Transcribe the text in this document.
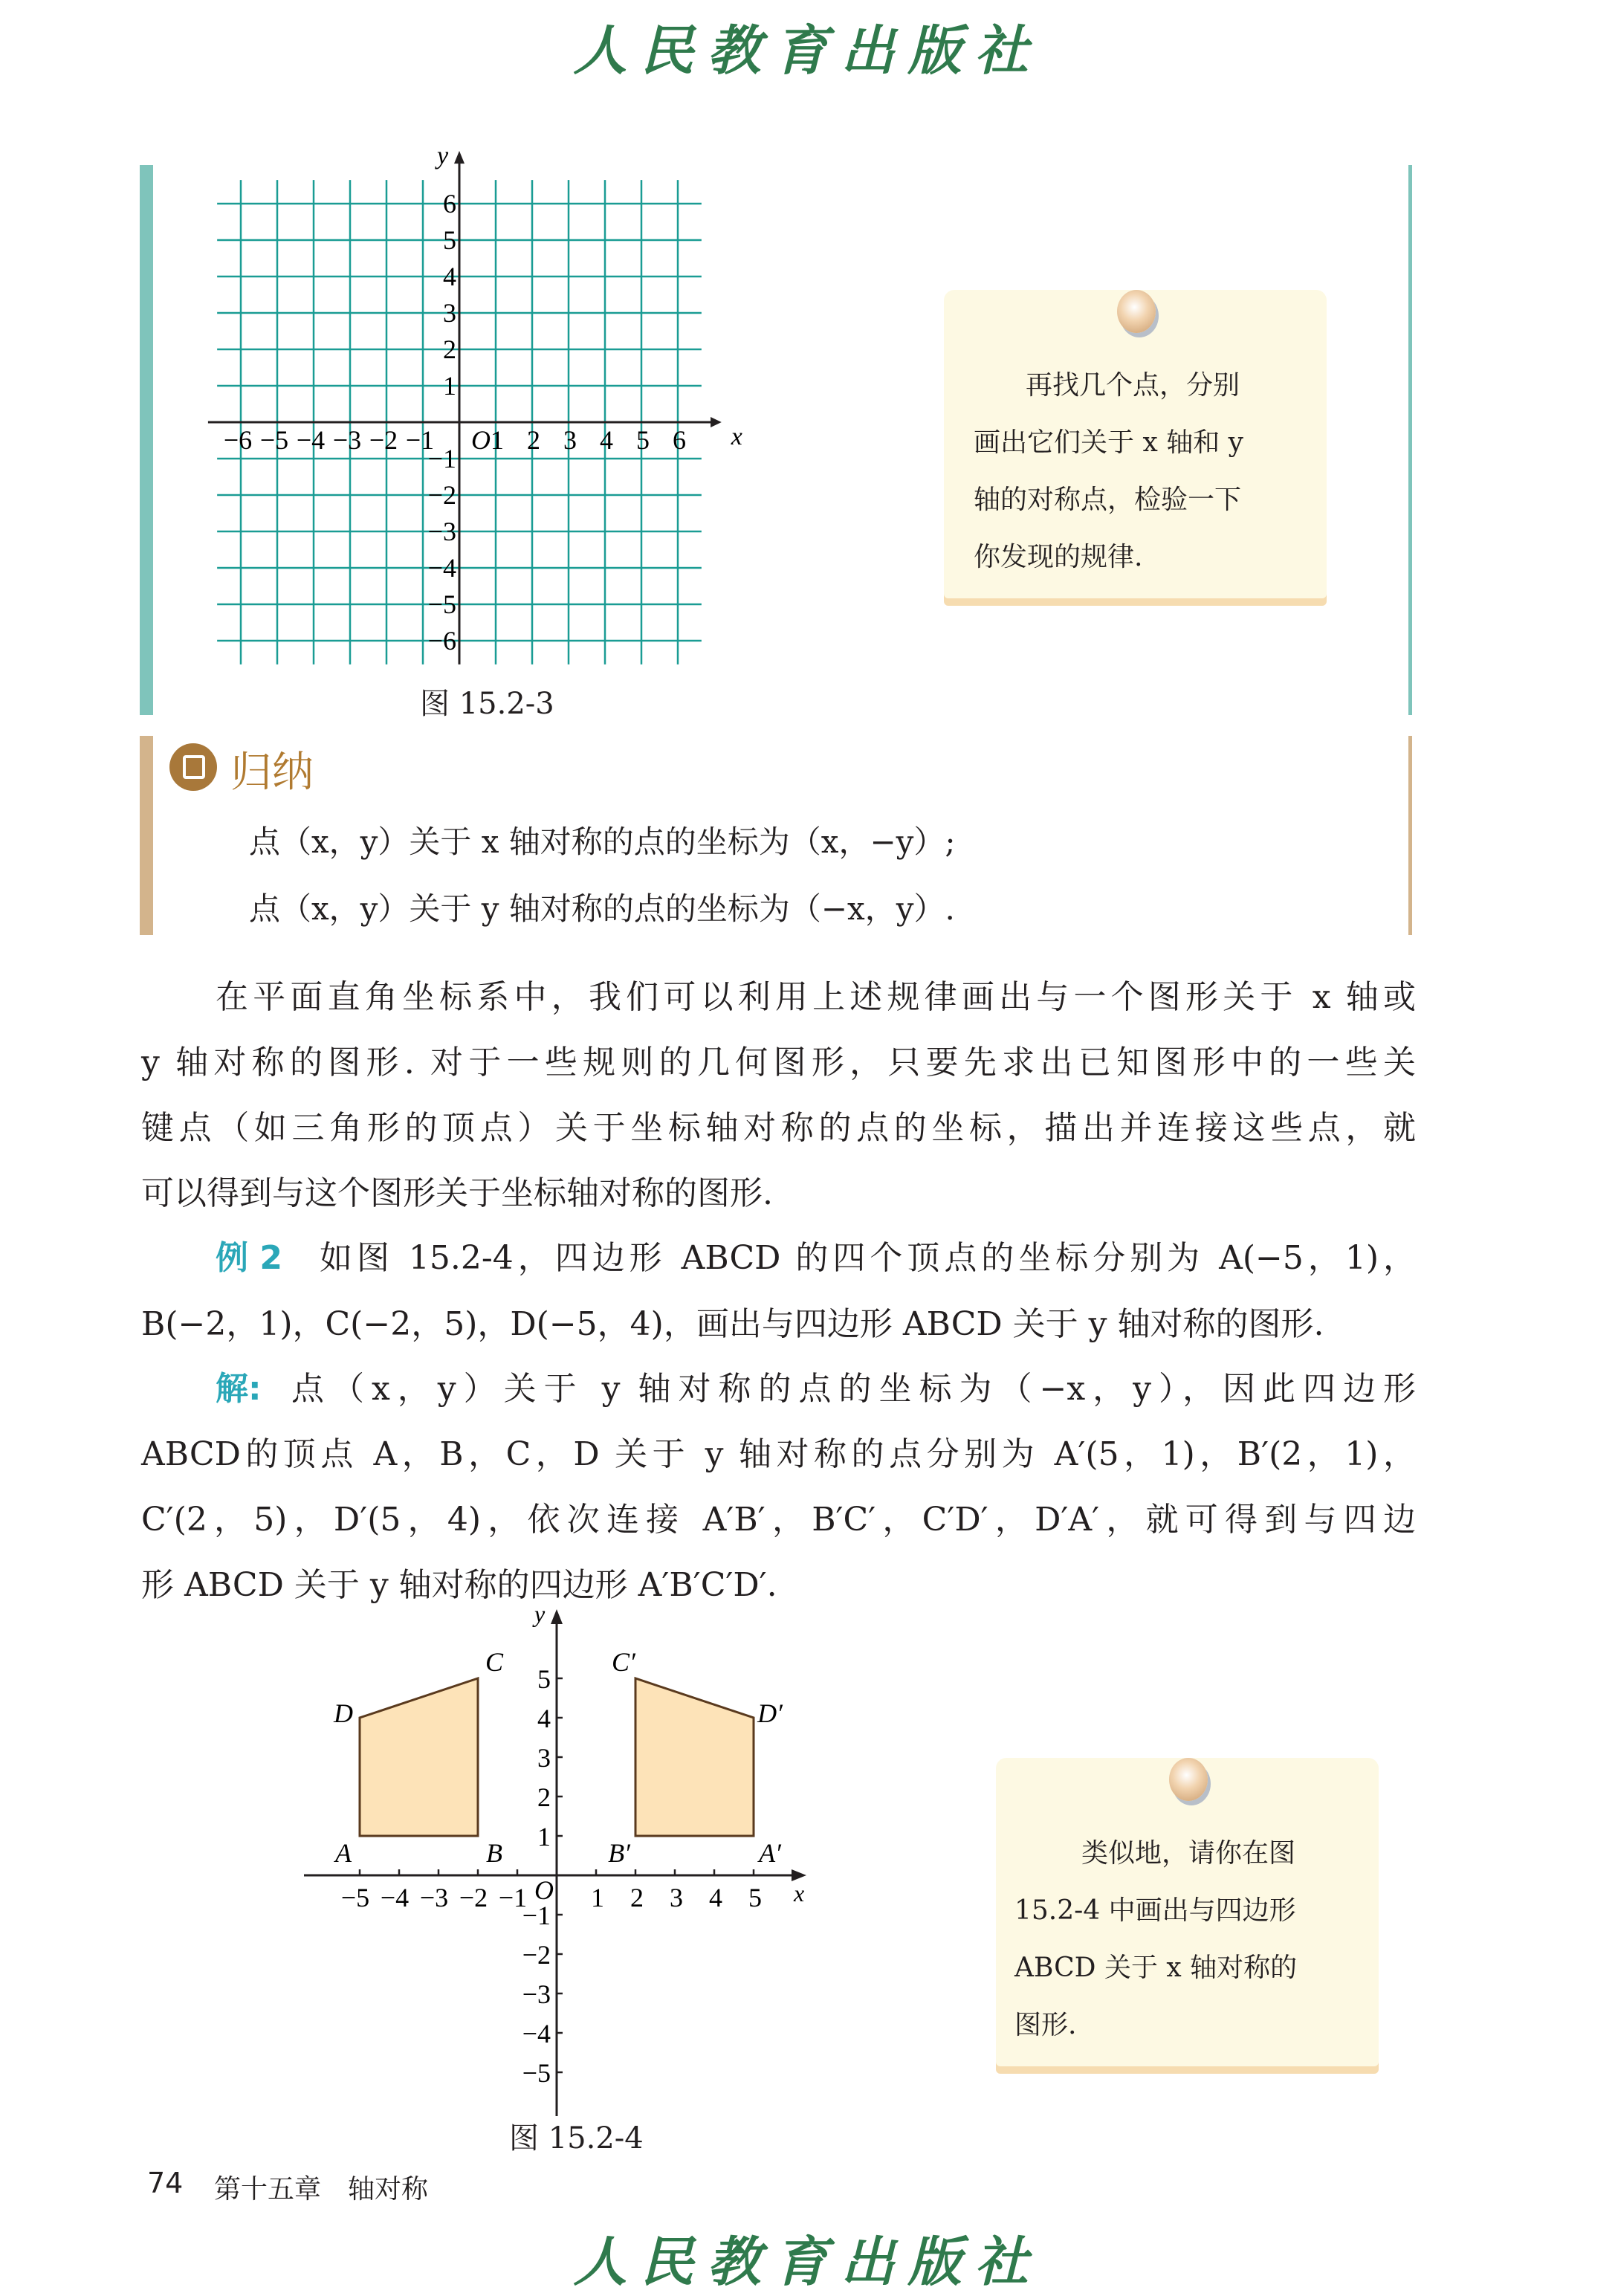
人民教育出版社
−6 −5 −4 −3 −2 −1 1 2 3 4 5 6
−6
−5
−4
−3
−2
−1
1
2
3
4
5
6
O	x
y
图 15.2-3
再找几个点，分别
画出它们关于 x 轴和 y
轴的对称点，检验一下
你发现的规律.
归纳
点（x，y）关于 x 轴对称的点的坐标为（x，−y）;
点（x，y）关于 y 轴对称的点的坐标为（−x，y）.
在平面直角坐标系中，我们可以利用上述规律画出与一个图形关于 x 轴或
y 轴对称的图形. 对于一些规则的几何图形，只要先求出已知图形中的一些关
键点（如三角形的顶点）关于坐标轴对称的点的坐标，描出并连接这些点，就
可以得到与这个图形关于坐标轴对称的图形.
例 2 如图 15.2-4，四边形 ABCD 的四个顶点的坐标分别为 A(−5，1)，
B(−2，1)，C(−2，5)，D(−5，4)，画出与四边形 ABCD 关于 y 轴对称的图形.
解: 点（x，y）关于 y 轴对称的点的坐标为（−x，y），因此四边形
ABCD的顶点 A，B，C，D 关于 y 轴对称的点分别为 A′(5，1)，B′(2，1)，
C′(2，5)，D′(5，4)，依次连接 A′B′，B′C′，C′D′，D′A′，就可得到与四边
形 ABCD 关于 y 轴对称的四边形 A′B′C′D′.
−5 −4 −3 −2 −1 1 2 3 4 5
−5
−4
−3
−2
−1
1
2
3
4
5
O	x
y
A	B
C
D
A′
B′
C′
D′
图 15.2-4
类似地，请你在图
15.2-4 中画出与四边形
ABCD 关于 x 轴对称的
图形.
74 第十五章　轴对称
人民教育出版社
